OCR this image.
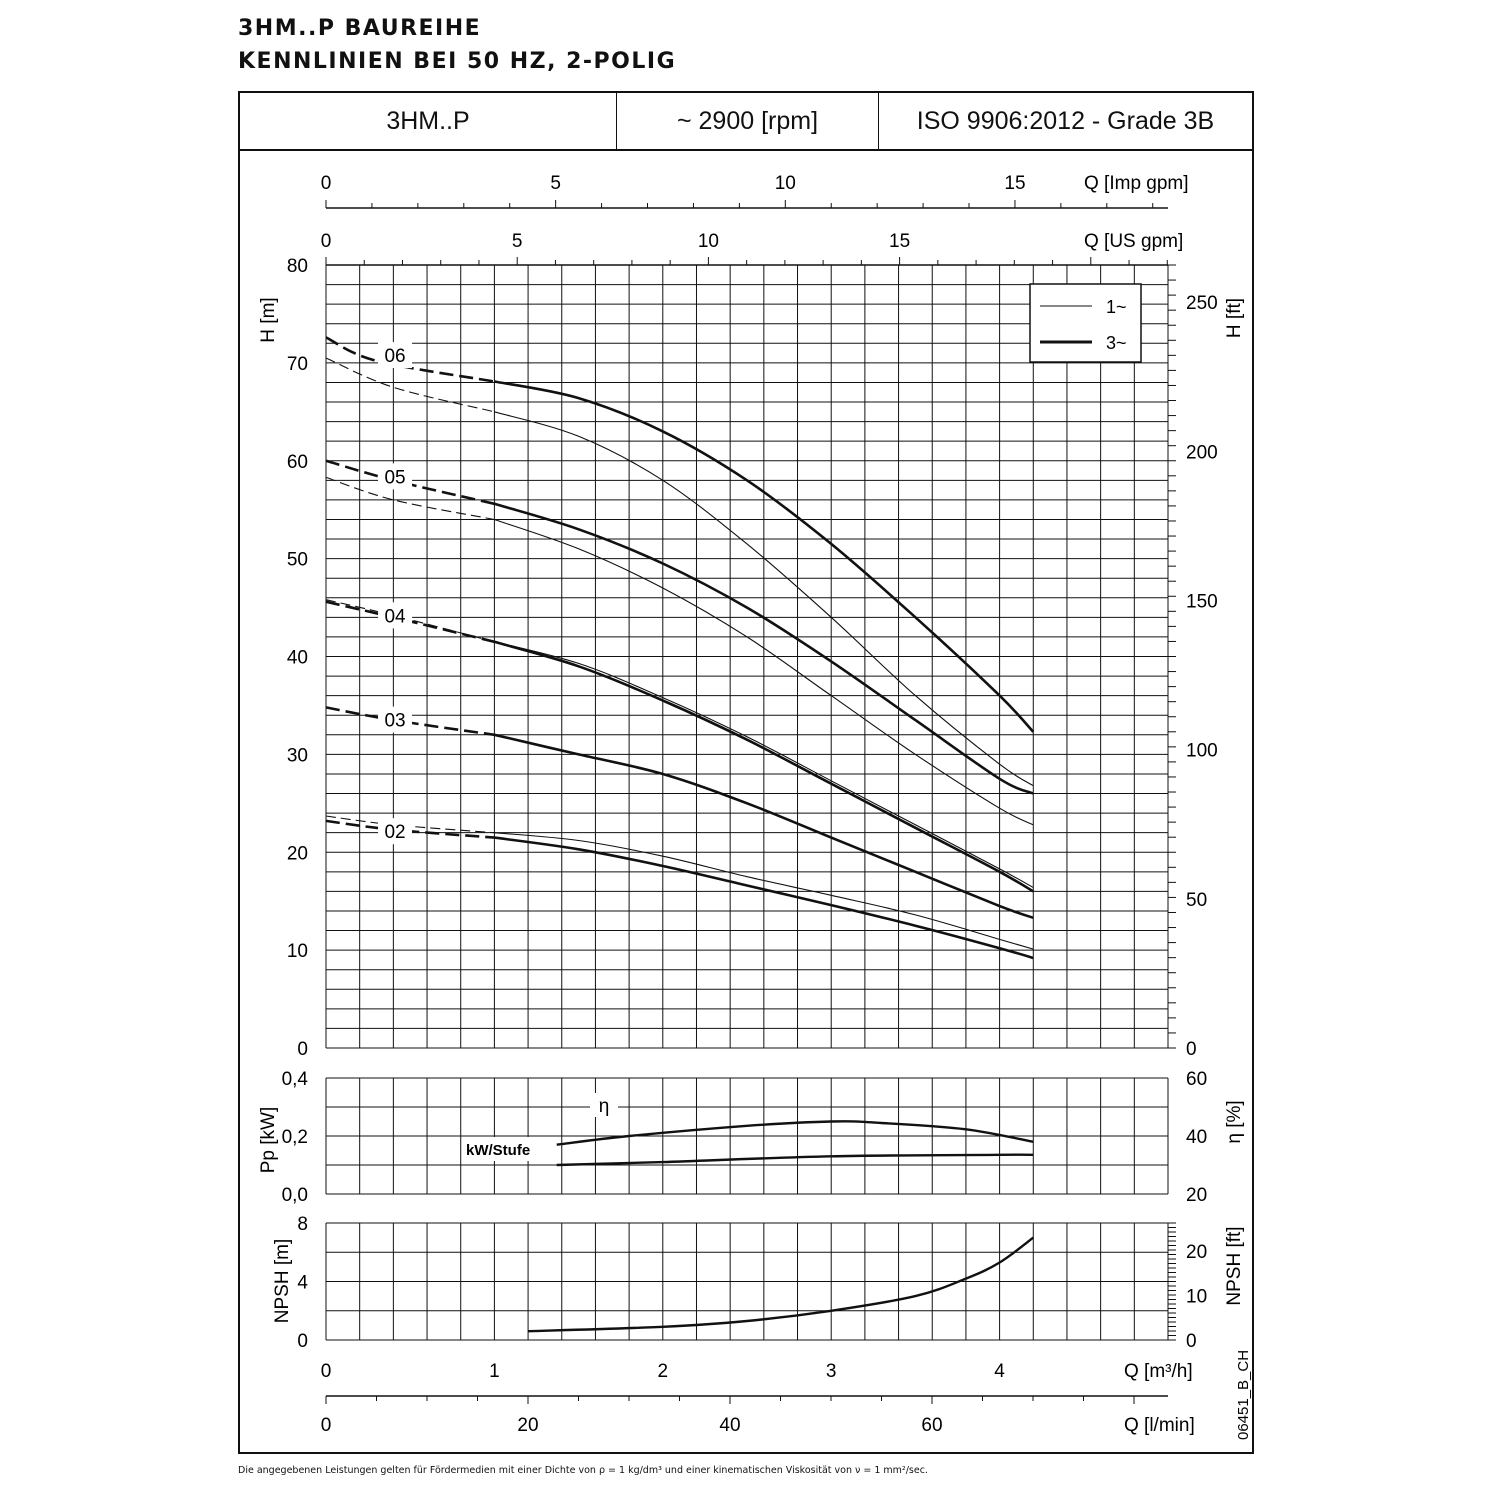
3HM..P BAUREIHE
KENNLINIEN BEI 50 HZ, 2-POLIG
3HM..P	~ 2900 [rpm]	ISO 9906:2012 - Grade 3B
0
10
20
30
40
50
60
70
80
0
50
100
150
200
250
H [m]	H [ft]
0,0
0,2
0,4
20
40
60
Pp [kW]	η [%]
0
4
8
0
10
20
NPSH [m]	NPSH [ft]
0	5	10	15	Q [Imp gpm]
0	5	10	15	Q [US gpm]
0	1	2	3	4	Q [m³/h]
0	20	40	60	Q [l/min]
06
05
04
03
02
η
kW/Stufe
1~
3~
06451_B_CH
Die angegebenen Leistungen gelten für Fördermedien mit einer Dichte von ρ = 1 kg/dm³ und einer kinematischen Viskosität von ν = 1 mm²/sec.
